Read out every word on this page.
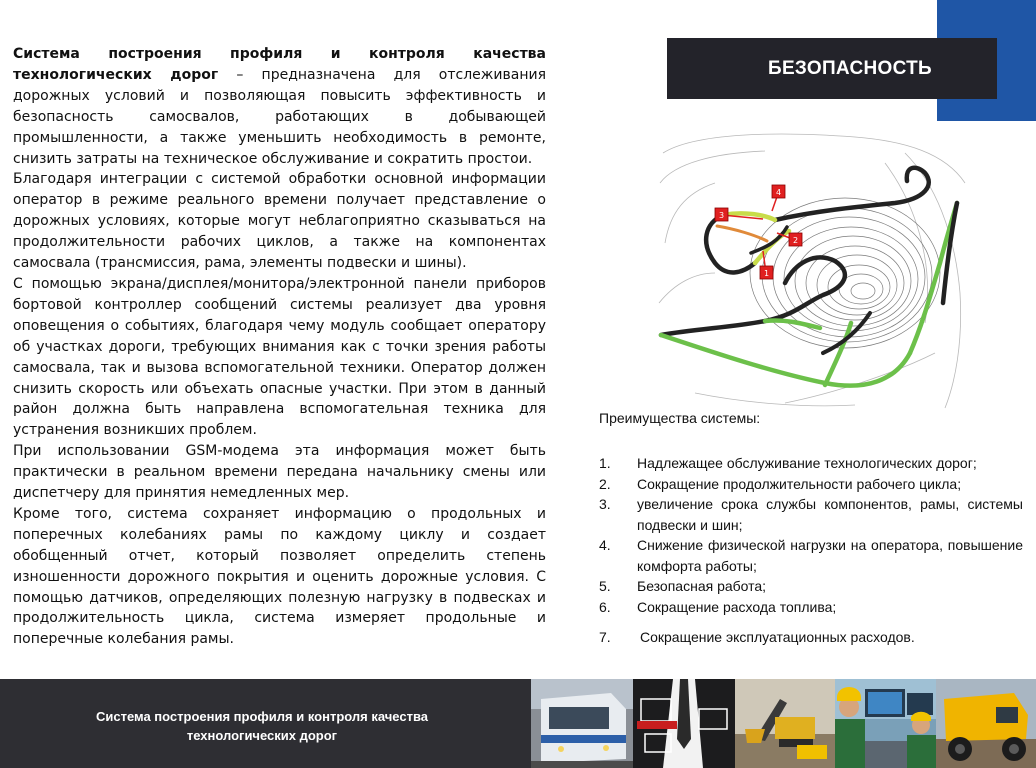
Система построения профиля и контроля качества технологических дорог – предназначена для отслеживания дорожных условий и позволяющая повысить эффективность и безопасность самосвалов, работающих в добывающей промышленности, а также уменьшить необходимость в ремонте, снизить затраты на техническое обслуживание и сократить простои.

Благодаря интеграции с системой обработки основной информации оператор в режиме реального времени получает представление о дорожных условиях, которые могут неблагоприятно сказываться на продолжительности рабочих циклов, а также на компонентах самосвала (трансмиссия, рама, элементы подвески и шины).

С помощью экрана/дисплея/монитора/электронной панели приборов бортовой контроллер сообщений системы реализует два уровня оповещения о событиях, благодаря чему модуль сообщает оператору об участках дороги, требующих внимания как с точки зрения работы самосвала, так и вызова вспомогательной техники. Оператор должен снизить скорость или объехать опасные участки. При этом в данный район должна быть направлена вспомогательная техника для устранения возникших проблем.

При использовании GSM-модема эта информация может быть практически в реальном времени передана начальнику смены или диспетчеру для принятия немедленных мер.

Кроме того, система сохраняет информацию о продольных и поперечных колебаниях рамы по каждому циклу и создает обобщенный отчет, который позволяет определить степень изношенности дорожного покрытия и оценить дорожные условия. С помощью датчиков, определяющих полезную нагрузку в подвесках и продолжительность цикла, система измеряет продольные и поперечные колебания рамы.

БЕЗОПАСНОСТЬ
4
3
2
1
Преимущества системы:
1.	Надлежащее обслуживание технологических дорог;
2.	Сокращение продолжительности рабочего цикла;
3.	увеличение срока службы компонентов, рамы, системы подвески и шин;
4.	Снижение физической нагрузки на оператора, повышение комфорта работы;
5.	Безопасная работа;
6.	Сокращение расхода топлива;
7.	Сокращение эксплуатационных расходов.
Система построения профиля и контроля качества
технологических дорог
